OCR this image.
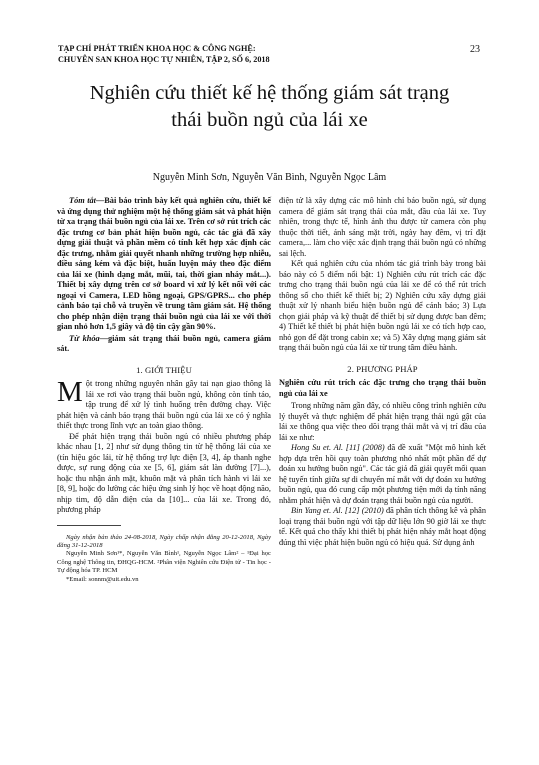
TẠP CHÍ PHÁT TRIỂN KHOA HỌC & CÔNG NGHỆ:
CHUYÊN SAN KHOA HỌC TỰ NHIÊN, TẬP 2, SỐ 6, 2018
23
Nghiên cứu thiết kế hệ thống giám sát trạng
thái buồn ngủ của lái xe
Nguyễn Minh Sơn, Nguyễn Văn Bình, Nguyễn Ngọc Lâm

Tóm tắt—Bài báo trình bày kết quả nghiên cứu, thiết kế và ứng dụng thử nghiệm một hệ thống giám sát và phát hiện từ xa trạng thái buồn ngủ của lái xe. Trên cơ sở rút trích các đặc trưng cơ bản phát hiện buồn ngủ, các tác giả đã xây dựng giải thuật và phần mềm có tính kết hợp xác định các đặc trưng, nhằm giải quyết nhanh những trường hợp nhiễu, điều sáng kém và đặc biệt, huấn luyện máy theo đặc điểm của lái xe (hình dạng mắt, mũi, tai, thời gian nháy mắt...). Thiết bị xây dựng trên cơ sở board vi xử lý kết nối với các ngoại vi Camera, LED hồng ngoại, GPS/GPRS... cho phép cảnh báo tại chỗ và truyền về trung tâm giám sát. Hệ thống cho phép nhận diện trạng thái buồn ngủ của lái xe với thời gian nhỏ hơn 1,5 giây và độ tin cậy gần 90%.

Từ khóa—giám sát trạng thái buồn ngủ, camera giám sát.

1. GIỚI THIỆU

Một trong những nguyên nhân gây tai nạn giao thông là lái xe rơi vào trạng thái buồn ngủ, không còn tỉnh táo, tập trung để xử lý tình huống trên đường chạy. Việc phát hiện và cảnh báo trạng thái buồn ngủ của lái xe có ý nghĩa thiết thực trong lĩnh vực an toàn giao thông.

Để phát hiện trạng thái buồn ngủ có nhiều phương pháp khác nhau [1, 2] như sử dụng thông tin từ hệ thống lái của xe (tín hiệu góc lái, từ hệ thống trợ lực điện [3, 4], áp thanh nghe được, sự rung động của xe [5, 6], giám sát làn đường [7]...), hoặc thu nhận ảnh mặt, khuôn mặt và phân tích hành vi lái xe [8, 9], hoặc đo lường các hiệu ứng sinh lý học về hoạt động não, nhịp tim, độ dẫn điện của da [10]... của lái xe. Trong đó, phương pháp

Ngày nhận bản thảo 24-08-2018, Ngày chấp nhận đăng 20-12-2018, Ngày đăng 31-12-2018

Nguyễn Minh Sơn¹*, Nguyễn Văn Bình¹, Nguyễn Ngọc Lâm² – ¹Đại học Công nghệ Thông tin, ĐHQG-HCM. ²Phân viện Nghiên cứu Điện tử - Tin học - Tự động hóa TP. HCM

*Email: sonnm@uit.edu.vn

điện tử là xây dựng các mô hình chỉ báo buồn ngủ, sử dụng camera để giám sát trạng thái của mắt, đầu của lái xe. Tuy nhiên, trong thực tế, hình ảnh thu được từ camera còn phụ thuộc thời tiết, ánh sáng mặt trời, ngày hay đêm, vị trí đặt camera,... làm cho việc xác định trạng thái buồn ngủ có những sai lệch.

Kết quả nghiên cứu của nhóm tác giả trình bày trong bài báo này có 5 điểm nổi bật: 1) Nghiên cứu rút trích các đặc trưng cho trạng thái buồn ngủ của lái xe để có thể rút trích thông số cho thiết kế thiết bị; 2) Nghiên cứu xây dựng giải thuật xử lý nhanh biểu hiện buồn ngủ để cảnh báo; 3) Lựa chọn giải pháp và kỹ thuật để thiết bị sử dụng được ban đêm; 4) Thiết kế thiết bị phát hiện buồn ngủ lái xe có tích hợp cao, nhỏ gọn để đặt trong cabin xe; và 5) Xây dựng mạng giám sát trạng thái buồn ngủ của lái xe từ trung tâm điều hành.

2. PHƯƠNG PHÁP

Nghiên cứu rút trích các đặc trưng cho trạng thái buồn ngủ của lái xe

Trong những năm gần đây, có nhiều công trình nghiên cứu lý thuyết và thực nghiệm để phát hiện trạng thái ngủ gật của lái xe thông qua việc theo dõi trạng thái mắt và vị trí đầu của lái xe như:

Hong Su et. Al. [11] (2008) đã đề xuất "Một mô hình kết hợp dựa trên hồi quy toàn phương nhỏ nhất một phần để dự đoán xu hướng buồn ngủ". Các tác giả đã giải quyết mối quan hệ tuyến tính giữa sự di chuyển mí mắt với dự đoán xu hướng buồn ngủ, qua đó cung cấp một phương tiện mới dạ tính năng nhằm phát hiện và dự đoán trạng thái buồn ngủ của người.

Bin Yang et. Al. [12] (2010) đã phân tích thông kê và phân loại trạng thái buồn ngủ với tập dữ liệu lớn 90 giờ lái xe thực tế. Kết quả cho thấy khi thiết bị phát hiện nháy mắt hoạt động đúng thì việc phát hiện buồn ngủ có hiệu quả. Sử dụng ảnh
